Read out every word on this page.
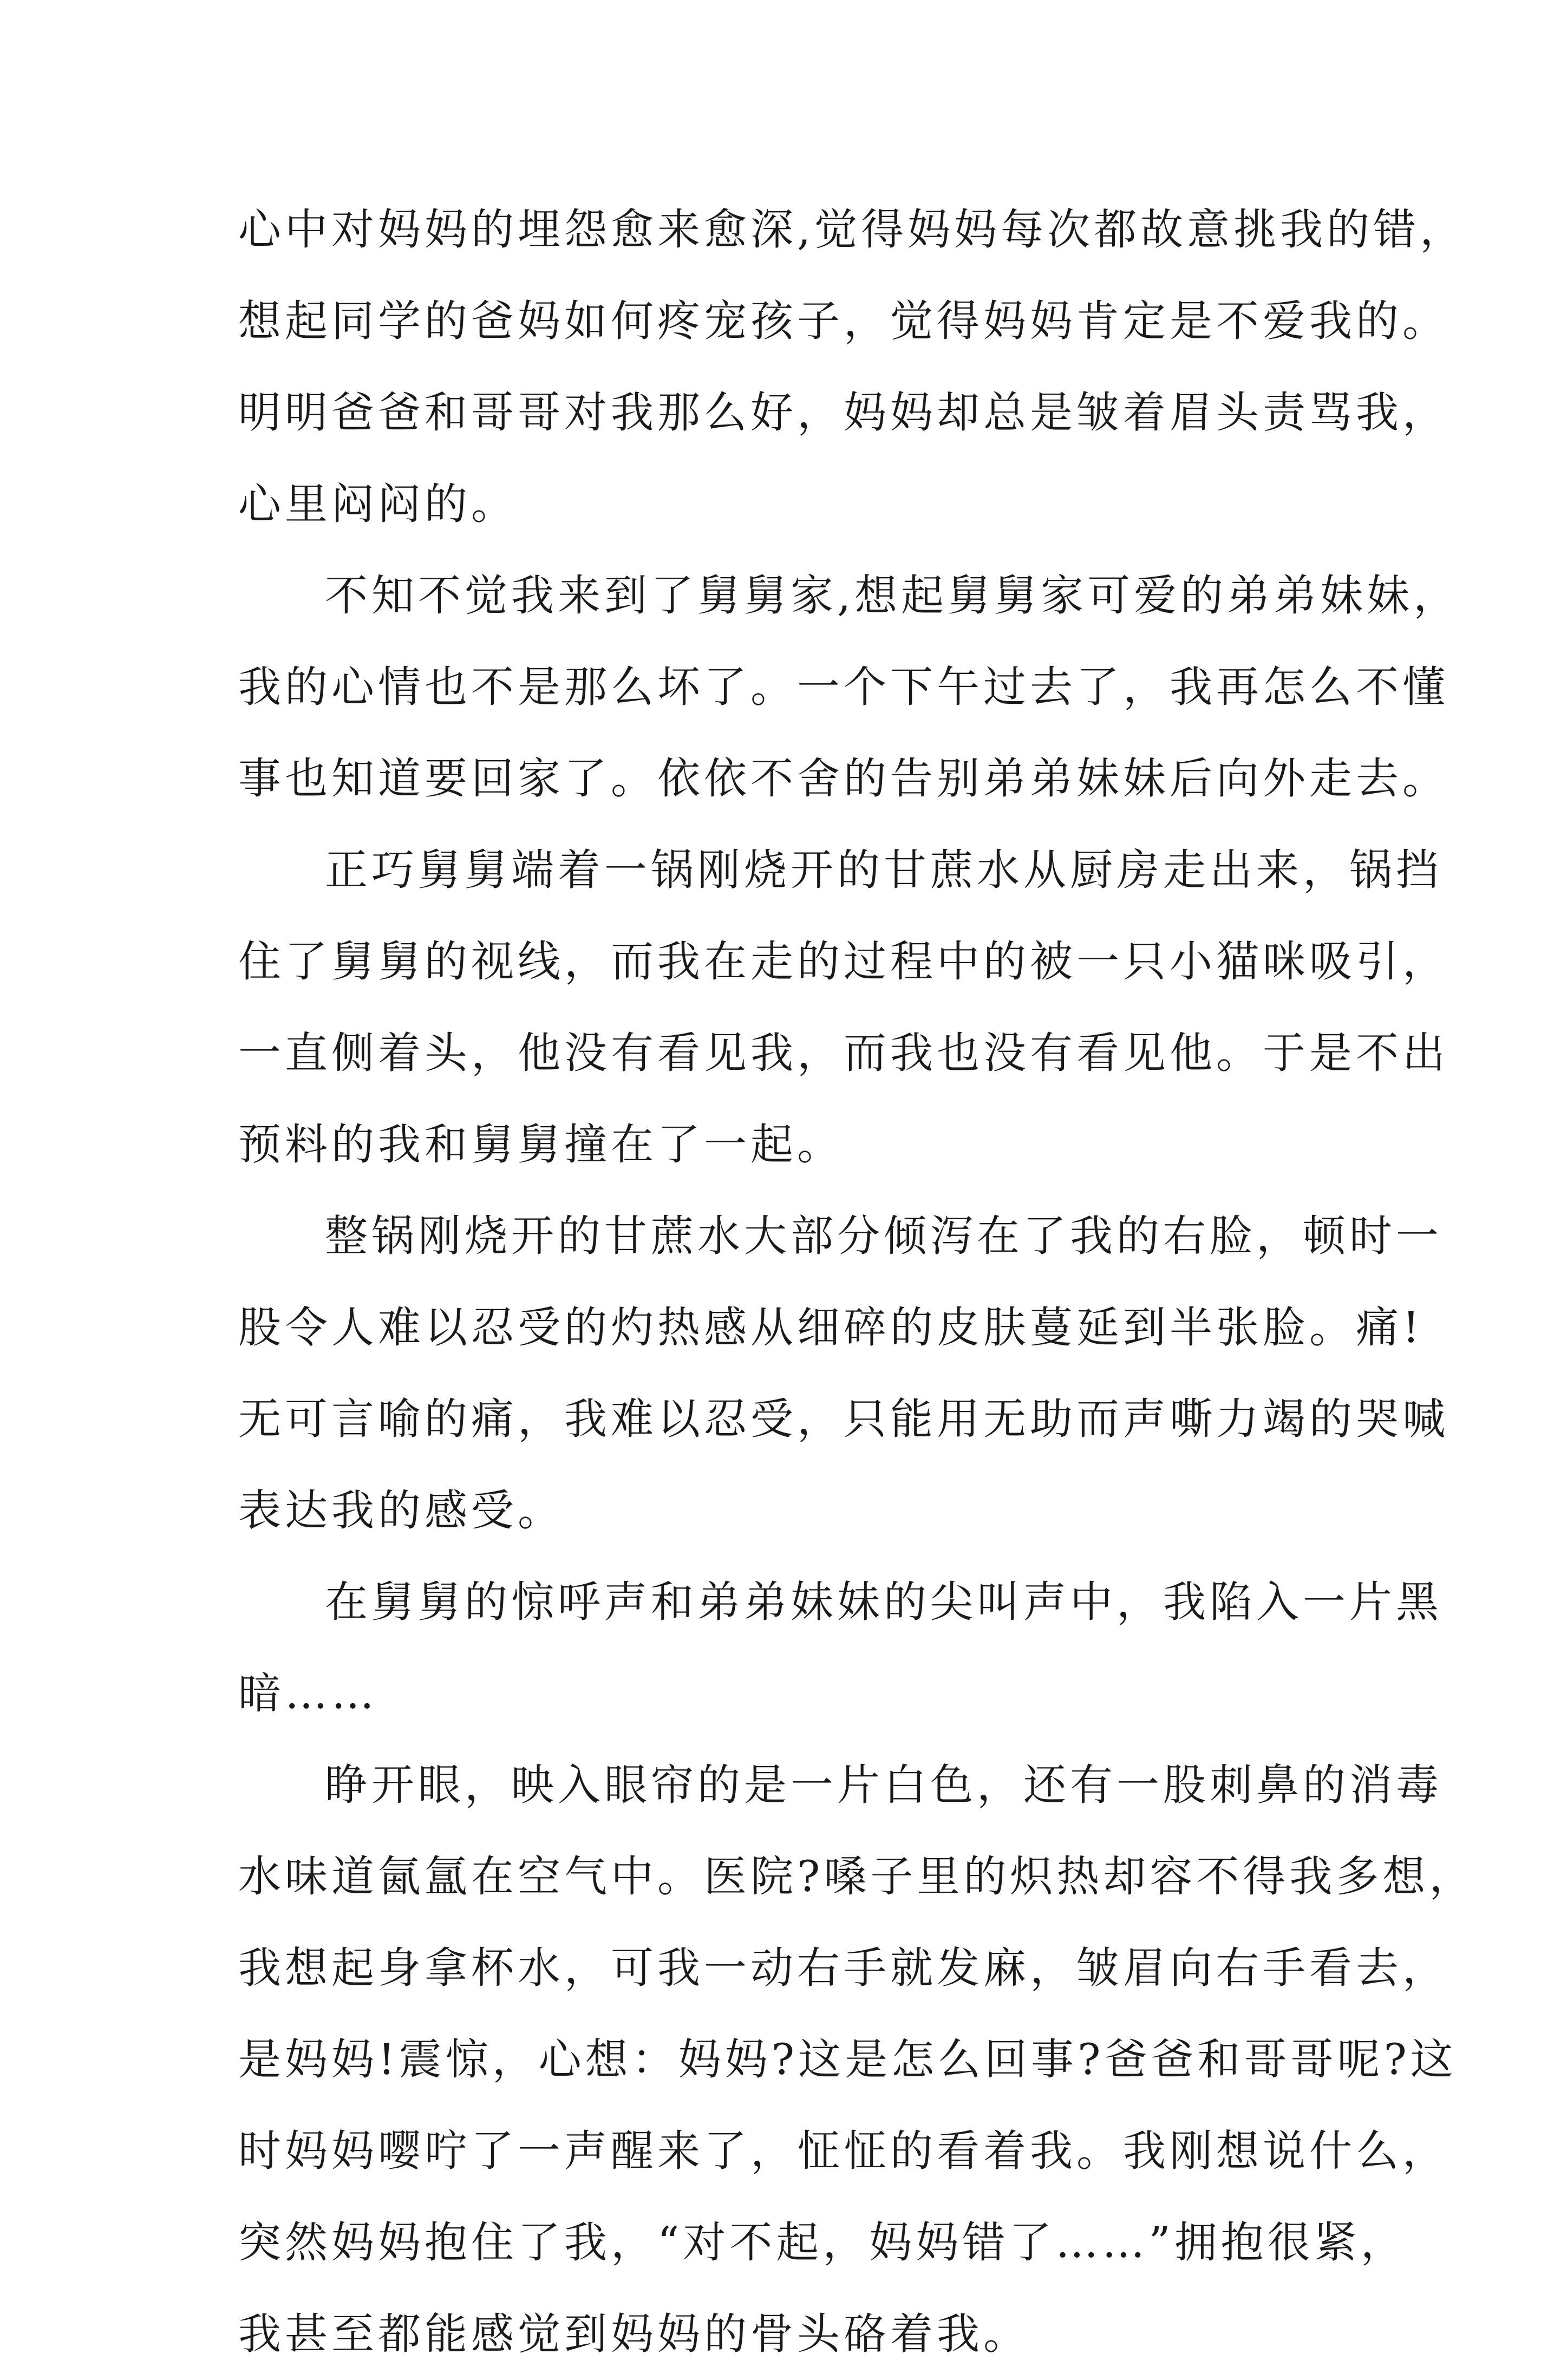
心中对妈妈的埋怨愈来愈深,觉得妈妈每次都故意挑我的错，
想起同学的爸妈如何疼宠孩子，觉得妈妈肯定是不爱我的。
明明爸爸和哥哥对我那么好，妈妈却总是皱着眉头责骂我，
心里闷闷的。
不知不觉我来到了舅舅家,想起舅舅家可爱的弟弟妹妹，
我的心情也不是那么坏了。一个下午过去了，我再怎么不懂
事也知道要回家了。依依不舍的告别弟弟妹妹后向外走去。
正巧舅舅端着一锅刚烧开的甘蔗水从厨房走出来，锅挡
住了舅舅的视线，而我在走的过程中的被一只小猫咪吸引，
一直侧着头，他没有看见我，而我也没有看见他。于是不出
预料的我和舅舅撞在了一起。
整锅刚烧开的甘蔗水大部分倾泻在了我的右脸，顿时一
股令人难以忍受的灼热感从细碎的皮肤蔓延到半张脸。痛!
无可言喻的痛，我难以忍受，只能用无助而声嘶力竭的哭喊
表达我的感受。
在舅舅的惊呼声和弟弟妹妹的尖叫声中，我陷入一片黑
暗……
睁开眼，映入眼帘的是一片白色，还有一股刺鼻的消毒
水味道氤氲在空气中。医院?嗓子里的炽热却容不得我多想，
我想起身拿杯水，可我一动右手就发麻，皱眉向右手看去，
是妈妈!震惊，心想：妈妈?这是怎么回事?爸爸和哥哥呢?这
时妈妈嘤咛了一声醒来了，怔怔的看着我。我刚想说什么，
突然妈妈抱住了我，“对不起，妈妈错了……”拥抱很紧，
我甚至都能感觉到妈妈的骨头硌着我。
